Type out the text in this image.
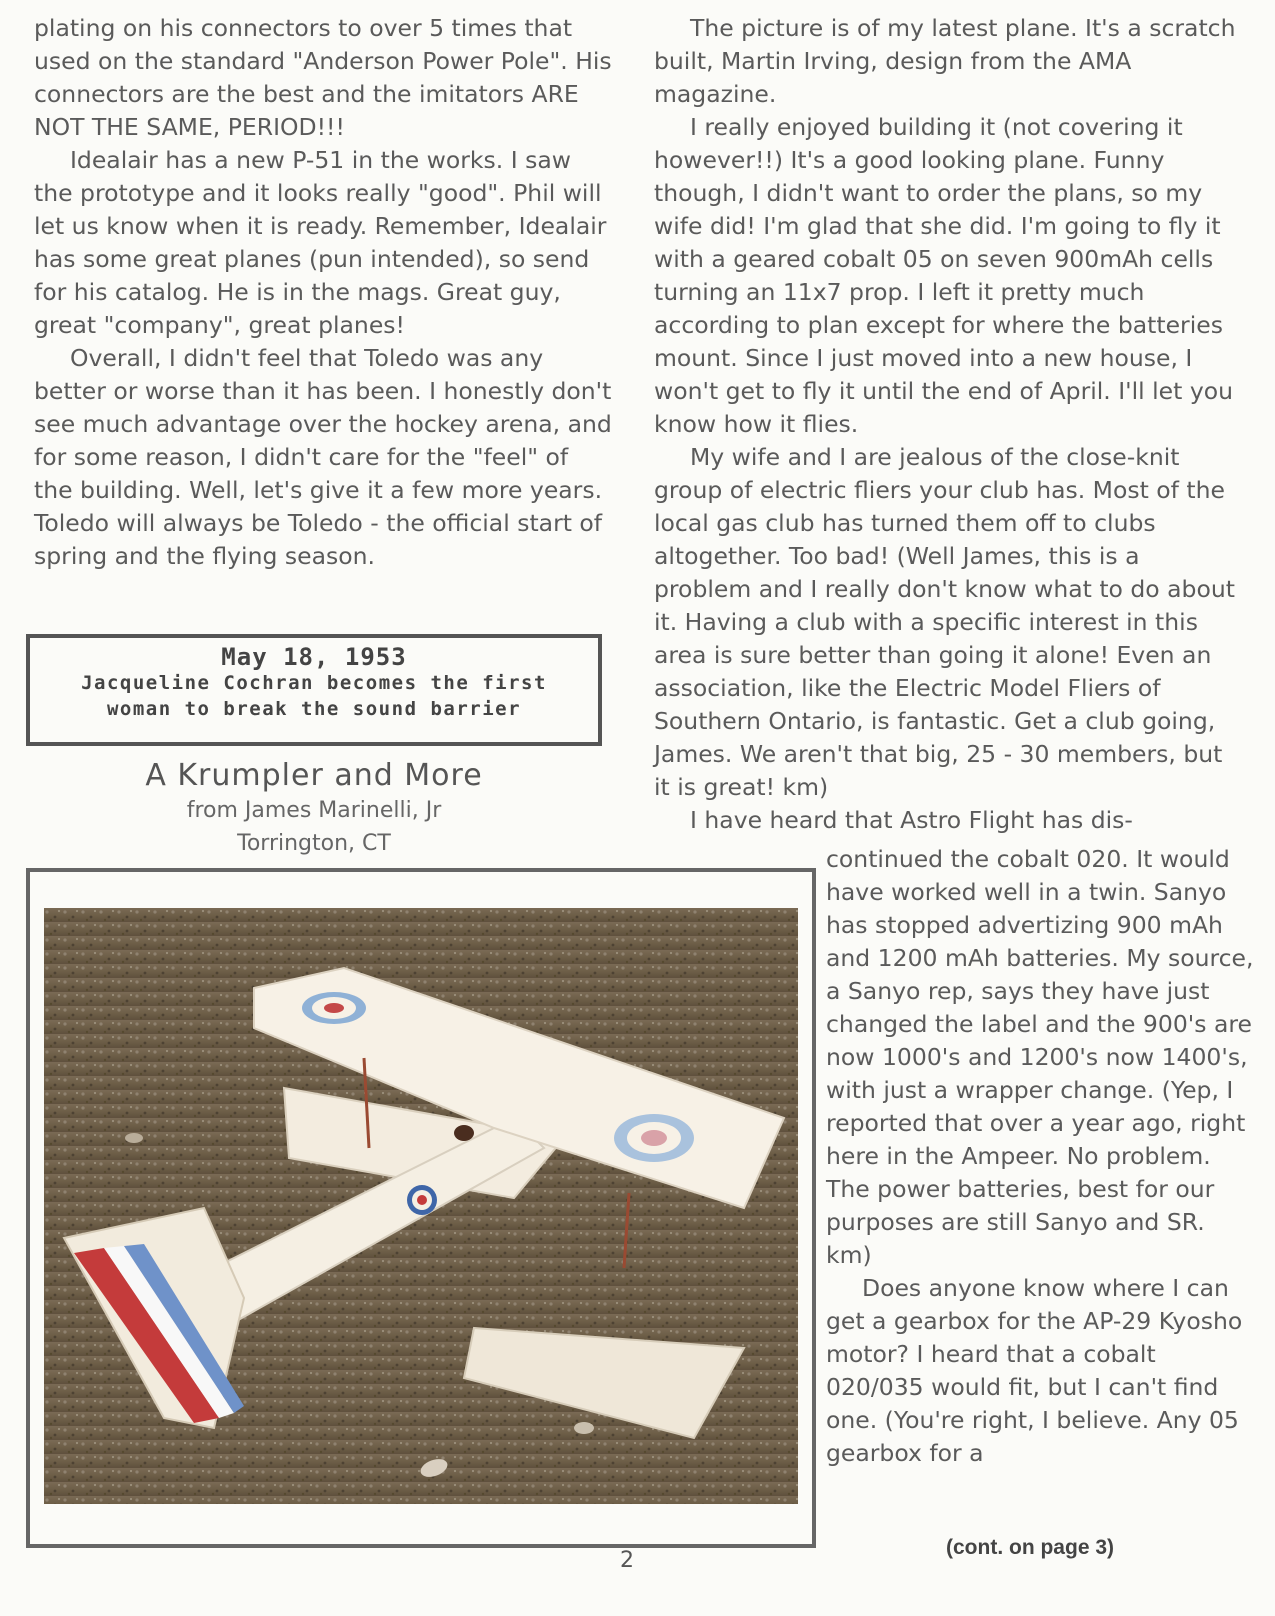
plating on his connectors to over 5 times that used on the standard "Anderson Power Pole". His connectors are the best and the imitators ARE NOT THE SAME, PERIOD!!!

Idealair has a new P-51 in the works. I saw the prototype and it looks really "good". Phil will let us know when it is ready. Remember, Idealair has some great planes (pun intended), so send for his catalog. He is in the mags. Great guy, great "company", great planes!

Overall, I didn't feel that Toledo was any better or worse than it has been. I honestly don't see much advantage over the hockey arena, and for some reason, I didn't care for the "feel" of the building. Well, let's give it a few more years. Toledo will always be Toledo - the official start of spring and the flying season.

May 18, 1953
Jacqueline Cochran becomes the first woman to break the sound barrier
A Krumpler and More
from James Marinelli, Jr
Torrington, CT

The picture is of my latest plane. It's a scratch built, Martin Irving, design from the AMA magazine.

I really enjoyed building it (not covering it however!!) It's a good looking plane. Funny though, I didn't want to order the plans, so my wife did! I'm glad that she did. I'm going to fly it with a geared cobalt 05 on seven 900mAh cells turning an 11x7 prop. I left it pretty much according to plan except for where the batteries mount. Since I just moved into a new house, I won't get to fly it until the end of April. I'll let you know how it flies.

My wife and I are jealous of the close-knit group of electric fliers your club has. Most of the local gas club has turned them off to clubs altogether. Too bad! (Well James, this is a problem and I really don't know what to do about it. Having a club with a specific interest in this area is sure better than going it alone! Even an association, like the Electric Model Fliers of Southern Ontario, is fantastic. Get a club going, James. We aren't that big, 25 - 30 members, but it is great! km)

I have heard that Astro Flight has dis-

continued the cobalt 020. It would have worked well in a twin. Sanyo has stopped advertizing 900 mAh and 1200 mAh batteries. My source, a Sanyo rep, says they have just changed the label and the 900's are now 1000's and 1200's now 1400's, with just a wrapper change. (Yep, I reported that over a year ago, right here in the Ampeer. No problem. The power batteries, best for our purposes are still Sanyo and SR. km)

Does anyone know where I can get a gearbox for the AP-29 Kyosho motor? I heard that a cobalt 020/035 would fit, but I can't find one. (You're right, I believe. Any 05 gearbox for a

(cont. on page 3)
2
